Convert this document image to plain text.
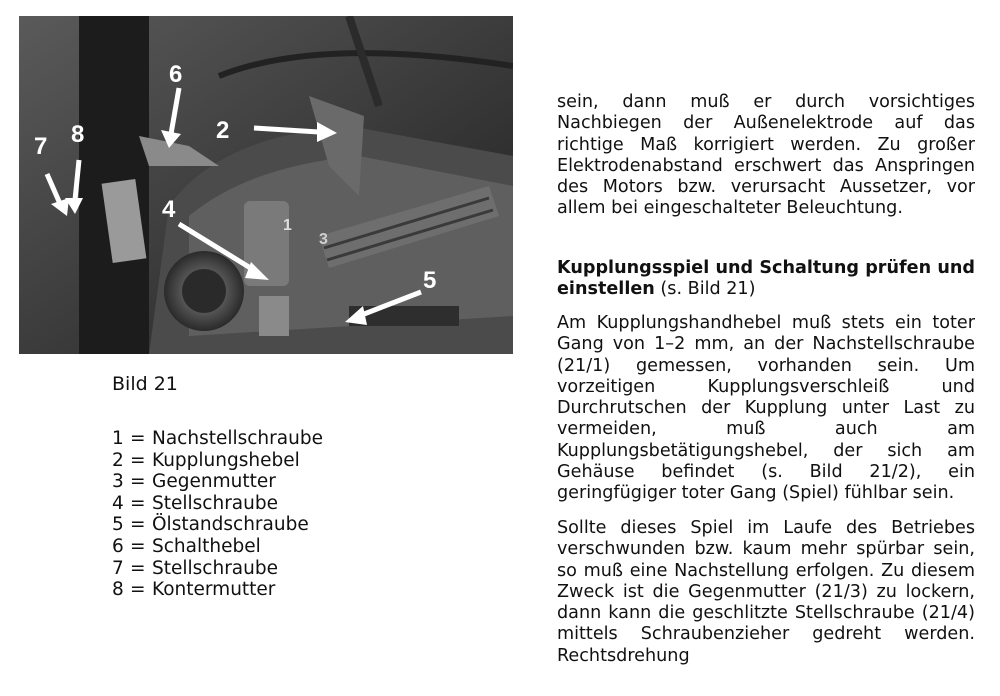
6
2
7 8
4
5
3
1
Bild 21
1 = Nachstellschraube
2 = Kupplungshebel
3 = Gegenmutter
4 = Stellschraube
5 = Ölstandschraube
6 = Schalthebel
7 = Stellschraube
8 = Kontermutter

sein, dann muß er durch vorsichtiges Nachbiegen der Außenelektrode auf das richtige Maß korrigiert werden. Zu großer Elektrodenabstand erschwert das Anspringen des Motors bzw. verursacht Aussetzer, vor allem bei eingeschalteter Beleuchtung.

Kupplungsspiel und Schaltung prüfen und einstellen (s. Bild 21)

Am Kupplungshandhebel muß stets ein toter Gang von 1–2 mm, an der Nachstellschraube (21/1) gemessen, vorhanden sein. Um vorzeitigen Kupplungsverschleiß und Durchrutschen der Kupplung unter Last zu vermeiden, muß auch am Kupplungsbetätigungshebel, der sich am Gehäuse befindet (s. Bild 21/2), ein geringfügiger toter Gang (Spiel) fühlbar sein.

Sollte dieses Spiel im Laufe des Betriebes verschwunden bzw. kaum mehr spürbar sein, so muß eine Nachstellung erfolgen. Zu diesem Zweck ist die Gegenmutter (21/3) zu lockern, dann kann die geschlitzte Stellschraube (21/4) mittels Schraubenzieher gedreht werden. Rechtsdrehung
